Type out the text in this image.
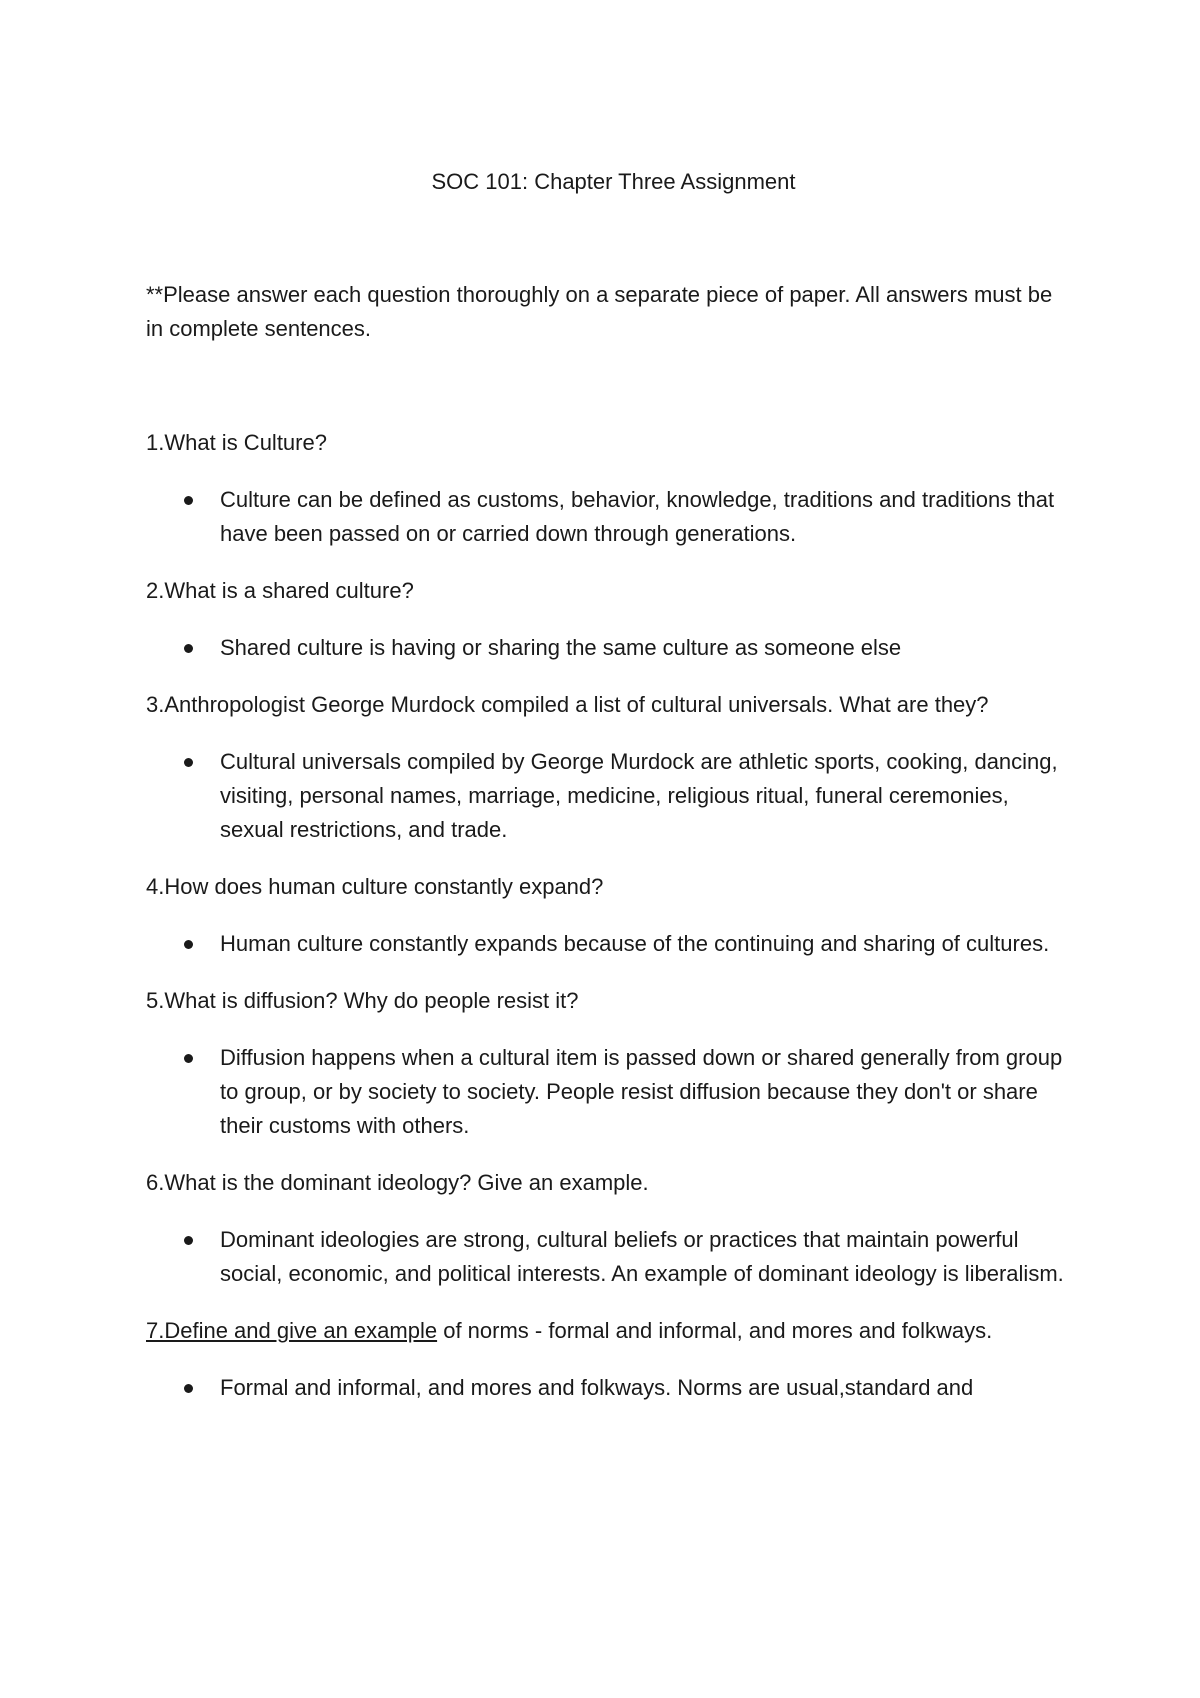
SOC 101: Chapter Three Assignment

**Please answer each question thoroughly on a separate piece of paper. All answers must be in complete sentences.

1.What is Culture?

Culture can be defined as customs, behavior, knowledge, traditions and traditions that have been passed on or carried down through generations.

2.What is a shared culture?

Shared culture is having or sharing the same culture as someone else

3.Anthropologist George Murdock compiled a list of cultural universals. What are they?

Cultural universals compiled by George Murdock are athletic sports, cooking, dancing, visiting, personal names, marriage, medicine, religious ritual, funeral ceremonies, sexual restrictions, and trade.

4.How does human culture constantly expand?

Human culture constantly expands because of the continuing and sharing of cultures.

5.What is diffusion? Why do people resist it?

Diffusion happens when a cultural item is passed down or shared generally from group to group, or by society to society. People resist diffusion because they don't or share their customs with others.

6.What is the dominant ideology? Give an example.

Dominant ideologies are strong, cultural beliefs or practices that maintain powerful social, economic, and political interests. An example of dominant ideology is liberalism.

7.Define and give an example of norms - formal and informal, and mores and folkways.

Formal and informal, and mores and folkways. Norms are usual,standard and
